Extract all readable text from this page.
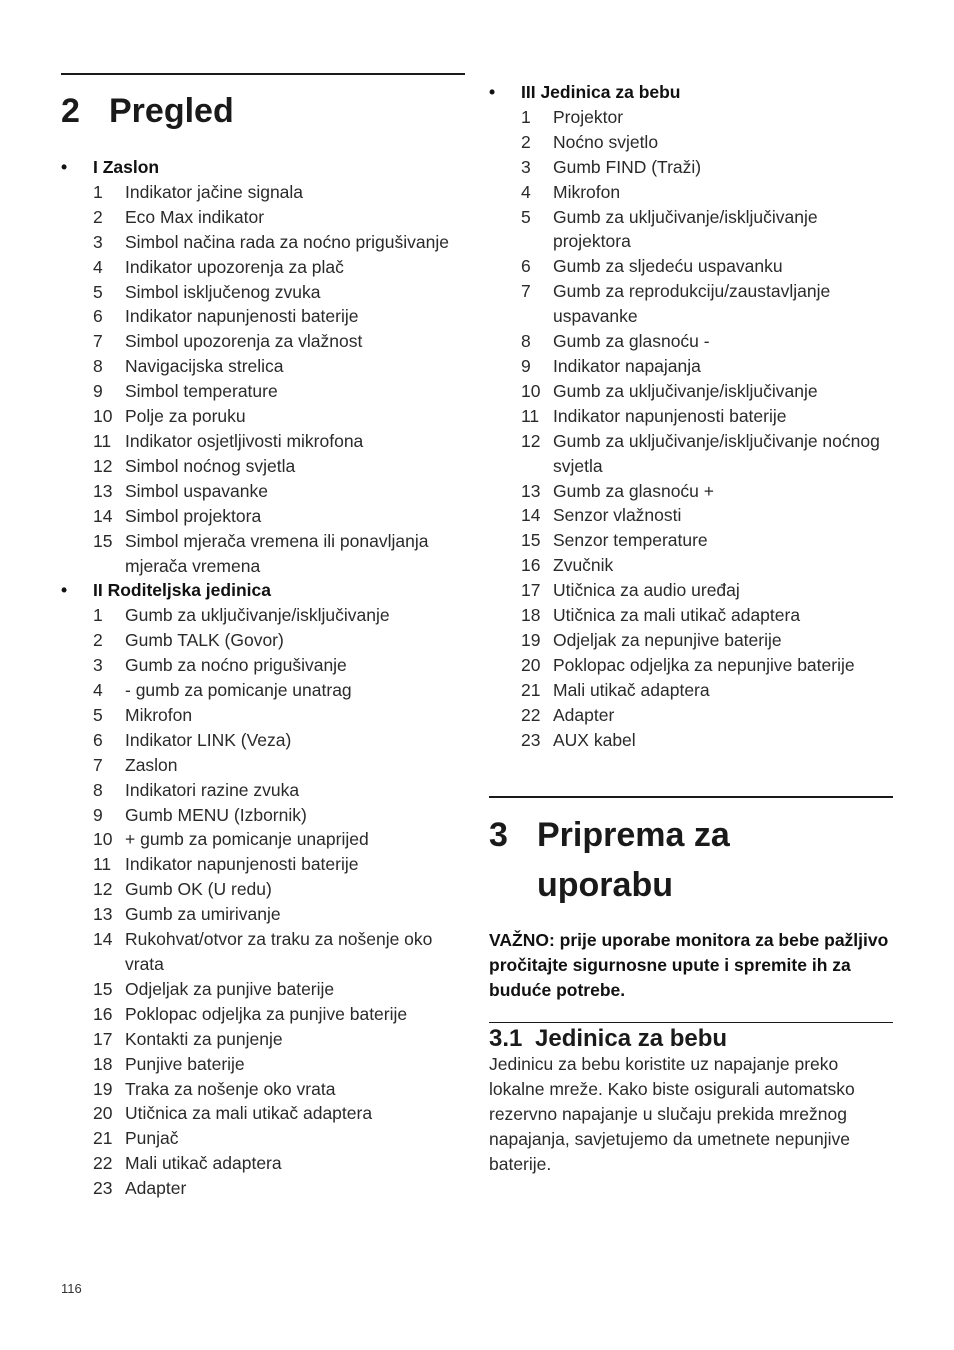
2 Pregled
• I Zaslon
1 Indikator jačine signala
2 Eco Max indikator
3 Simbol načina rada za noćno prigušivanje
4 Indikator upozorenja za plač
5 Simbol isključenog zvuka
6 Indikator napunjenosti baterije
7 Simbol upozorenja za vlažnost
8 Navigacijska strelica
9 Simbol temperature
10 Polje za poruku
11 Indikator osjetljivosti mikrofona
12 Simbol noćnog svjetla
13 Simbol uspavanke
14 Simbol projektora
15 Simbol mjerača vremena ili ponavljanja mjerača vremena
• II Roditeljska jedinica
1 Gumb za uključivanje/isključivanje
2 Gumb TALK (Govor)
3 Gumb za noćno prigušivanje
4 - gumb za pomicanje unatrag
5 Mikrofon
6 Indikator LINK (Veza)
7 Zaslon
8 Indikatori razine zvuka
9 Gumb MENU (Izbornik)
10 + gumb za pomicanje unaprijed
11 Indikator napunjenosti baterije
12 Gumb OK (U redu)
13 Gumb za umirivanje
14 Rukohvat/otvor za traku za nošenje oko vrata
15 Odjeljak za punjive baterije
16 Poklopac odjeljka za punjive baterije
17 Kontakti za punjenje
18 Punjive baterije
19 Traka za nošenje oko vrata
20 Utičnica za mali utikač adaptera
21 Punjač
22 Mali utikač adaptera
23 Adapter
• III Jedinica za bebu
1 Projektor
2 Noćno svjetlo
3 Gumb FIND (Traži)
4 Mikrofon
5 Gumb za uključivanje/isključivanje projektora
6 Gumb za sljedeću uspavanku
7 Gumb za reprodukciju/zaustavljanje uspavanke
8 Gumb za glasnoću -
9 Indikator napajanja
10 Gumb za uključivanje/isključivanje
11 Indikator napunjenosti baterije
12 Gumb za uključivanje/isključivanje noćnog svjetla
13 Gumb za glasnoću +
14 Senzor vlažnosti
15 Senzor temperature
16 Zvučnik
17 Utičnica za audio uređaj
18 Utičnica za mali utikač adaptera
19 Odjeljak za nepunjive baterije
20 Poklopac odjeljka za nepunjive baterije
21 Mali utikač adaptera
22 Adapter
23 AUX kabel
3 Priprema za
uporabu

VAŽNO: prije uporabe monitora za bebe pažljivo pročitajte sigurnosne upute i spremite ih za buduće potrebe.

3.1 Jedinica za bebu

Jedinicu za bebu koristite uz napajanje preko lokalne mreže. Kako biste osigurali automatsko rezervno napajanje u slučaju prekida mrežnog napajanja, savjetujemo da umetnete nepunjive baterije.

116
